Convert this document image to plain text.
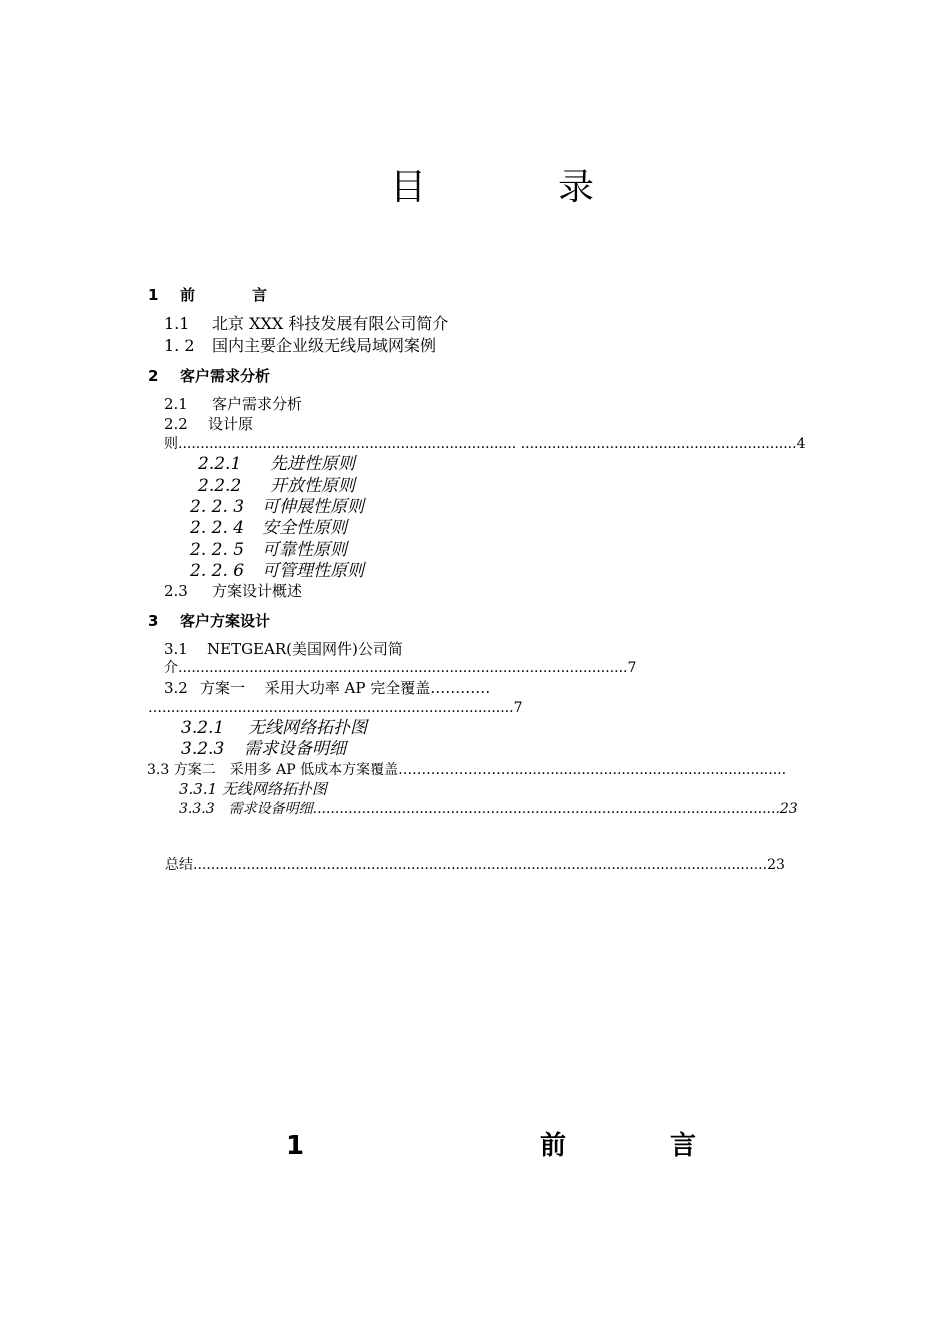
目	录
1 前	言
1.1 北京 XXX 科技发展有限公司简介
1. 2 国内主要企业级无线局域网案例
2 客户需求分析
2.1 客户需求分析
2.2 设计原
则............................................................................ ..............................................................4
2.2.1 先进性原则
2.2.2 开放性原则
2. 2. 3 可伸展性原则
2. 2. 4 安全性原则
2. 2. 5 可靠性原则
2. 2. 6 可管理性原则
2.3 方案设计概述
3 客户方案设计
3.1 NETGEAR(美国网件)公司简
介.....................................................................................................7
3.2 方案一　 采用大功率 AP 完全覆盖…………
…...............................................................................7
3.2.1 无线网络拓扑图
3.2.3 需求设备明细
3.3 方案二　采用多 AP 低成本方案覆盖……………………..............................................................
3.3.1 无线网络拓扑图
3.3.3　需求设备明细.........................................................................................................23
总结.................................................................................................................................23
1	前	言
